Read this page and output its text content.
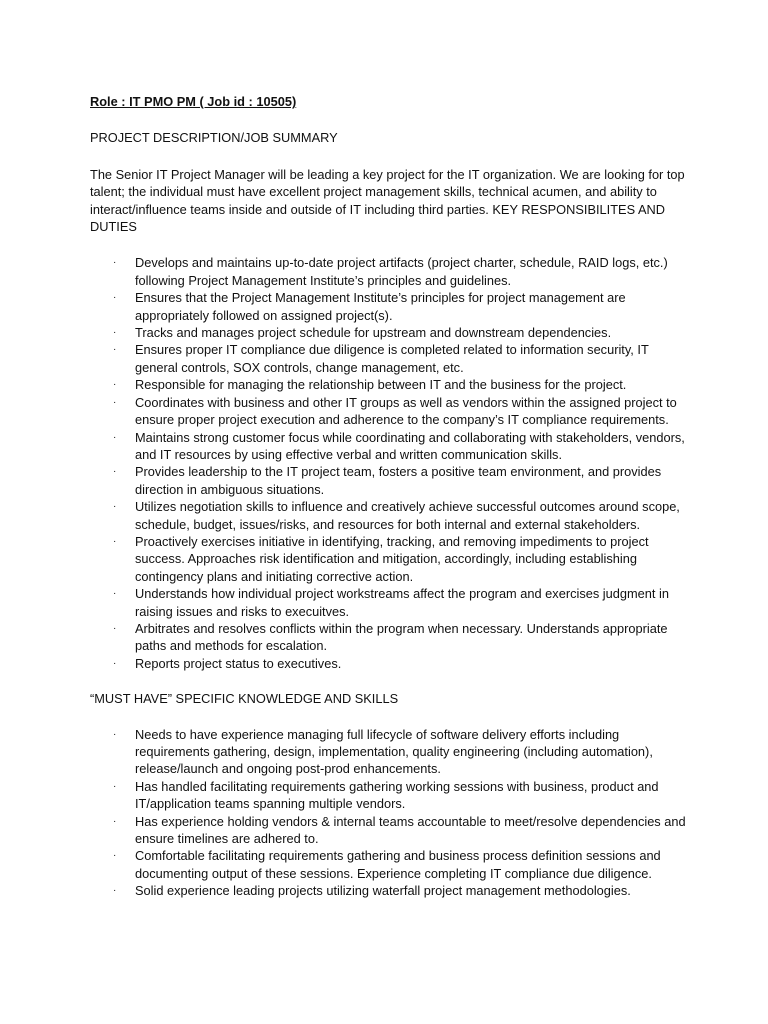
Role : IT PMO PM ( Job id : 10505)

PROJECT DESCRIPTION/JOB SUMMARY

The Senior IT Project Manager will be leading a key project for the IT organization. We are looking for top talent; the individual must have excellent project management skills, technical acumen, and ability to interact/influence teams inside and outside of IT including third parties. KEY RESPONSIBILITES AND DUTIES

· Develops and maintains up-to-date project artifacts (project charter, schedule, RAID logs, etc.) following Project Management Institute’s principles and guidelines.
· Ensures that the Project Management Institute’s principles for project management are appropriately followed on assigned project(s).
· Tracks and manages project schedule for upstream and downstream dependencies.
· Ensures proper IT compliance due diligence is completed related to information security, IT general controls, SOX controls, change management, etc.
· Responsible for managing the relationship between IT and the business for the project.
· Coordinates with business and other IT groups as well as vendors within the assigned project to ensure proper project execution and adherence to the company’s IT compliance requirements.
· Maintains strong customer focus while coordinating and collaborating with stakeholders, vendors, and IT resources by using effective verbal and written communication skills.
· Provides leadership to the IT project team, fosters a positive team environment, and provides direction in ambiguous situations.
· Utilizes negotiation skills to influence and creatively achieve successful outcomes around scope, schedule, budget, issues/risks, and resources for both internal and external stakeholders.
· Proactively exercises initiative in identifying, tracking, and removing impediments to project success. Approaches risk identification and mitigation, accordingly, including establishing contingency plans and initiating corrective action.
· Understands how individual project workstreams affect the program and exercises judgment in raising issues and risks to execuitves.
· Arbitrates and resolves conflicts within the program when necessary. Understands appropriate paths and methods for escalation.
· Reports project status to executives.

“MUST HAVE” SPECIFIC KNOWLEDGE AND SKILLS

· Needs to have experience managing full lifecycle of software delivery efforts including requirements gathering, design, implementation, quality engineering (including automation), release/launch and ongoing post-prod enhancements.
· Has handled facilitating requirements gathering working sessions with business, product and IT/application teams spanning multiple vendors.
· Has experience holding vendors & internal teams accountable to meet/resolve dependencies and ensure timelines are adhered to.
· Comfortable facilitating requirements gathering and business process definition sessions and documenting output of these sessions. Experience completing IT compliance due diligence.
· Solid experience leading projects utilizing waterfall project management methodologies.
